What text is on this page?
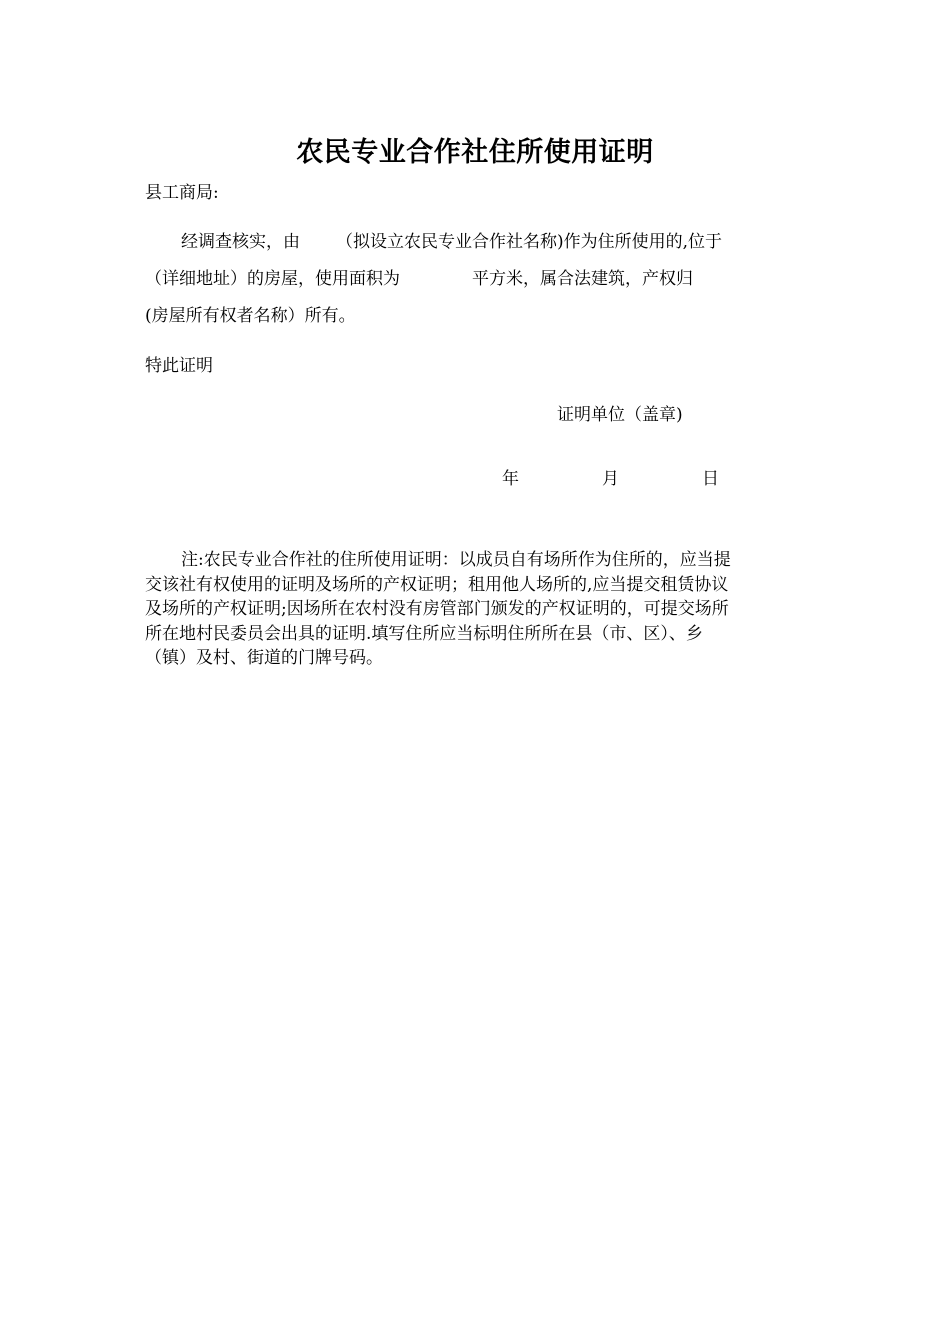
农民专业合作社住所使用证明
县工商局:
经调查核实，由 （拟设立农民专业合作社名称)作为住所使用的,位于
（详细地址）的房屋，使用面积为	平方米，属合法建筑，产权归
(房屋所有权者名称）所有。
特此证明
证明单位（盖章)
年	月	日
注:农民专业合作社的住所使用证明：以成员自有场所作为住所的，应当提
交该社有权使用的证明及场所的产权证明；租用他人场所的,应当提交租赁协议
及场所的产权证明;因场所在农村没有房管部门颁发的产权证明的，可提交场所
所在地村民委员会出具的证明.填写住所应当标明住所所在县（市、区）、乡
（镇）及村、街道的门牌号码。
